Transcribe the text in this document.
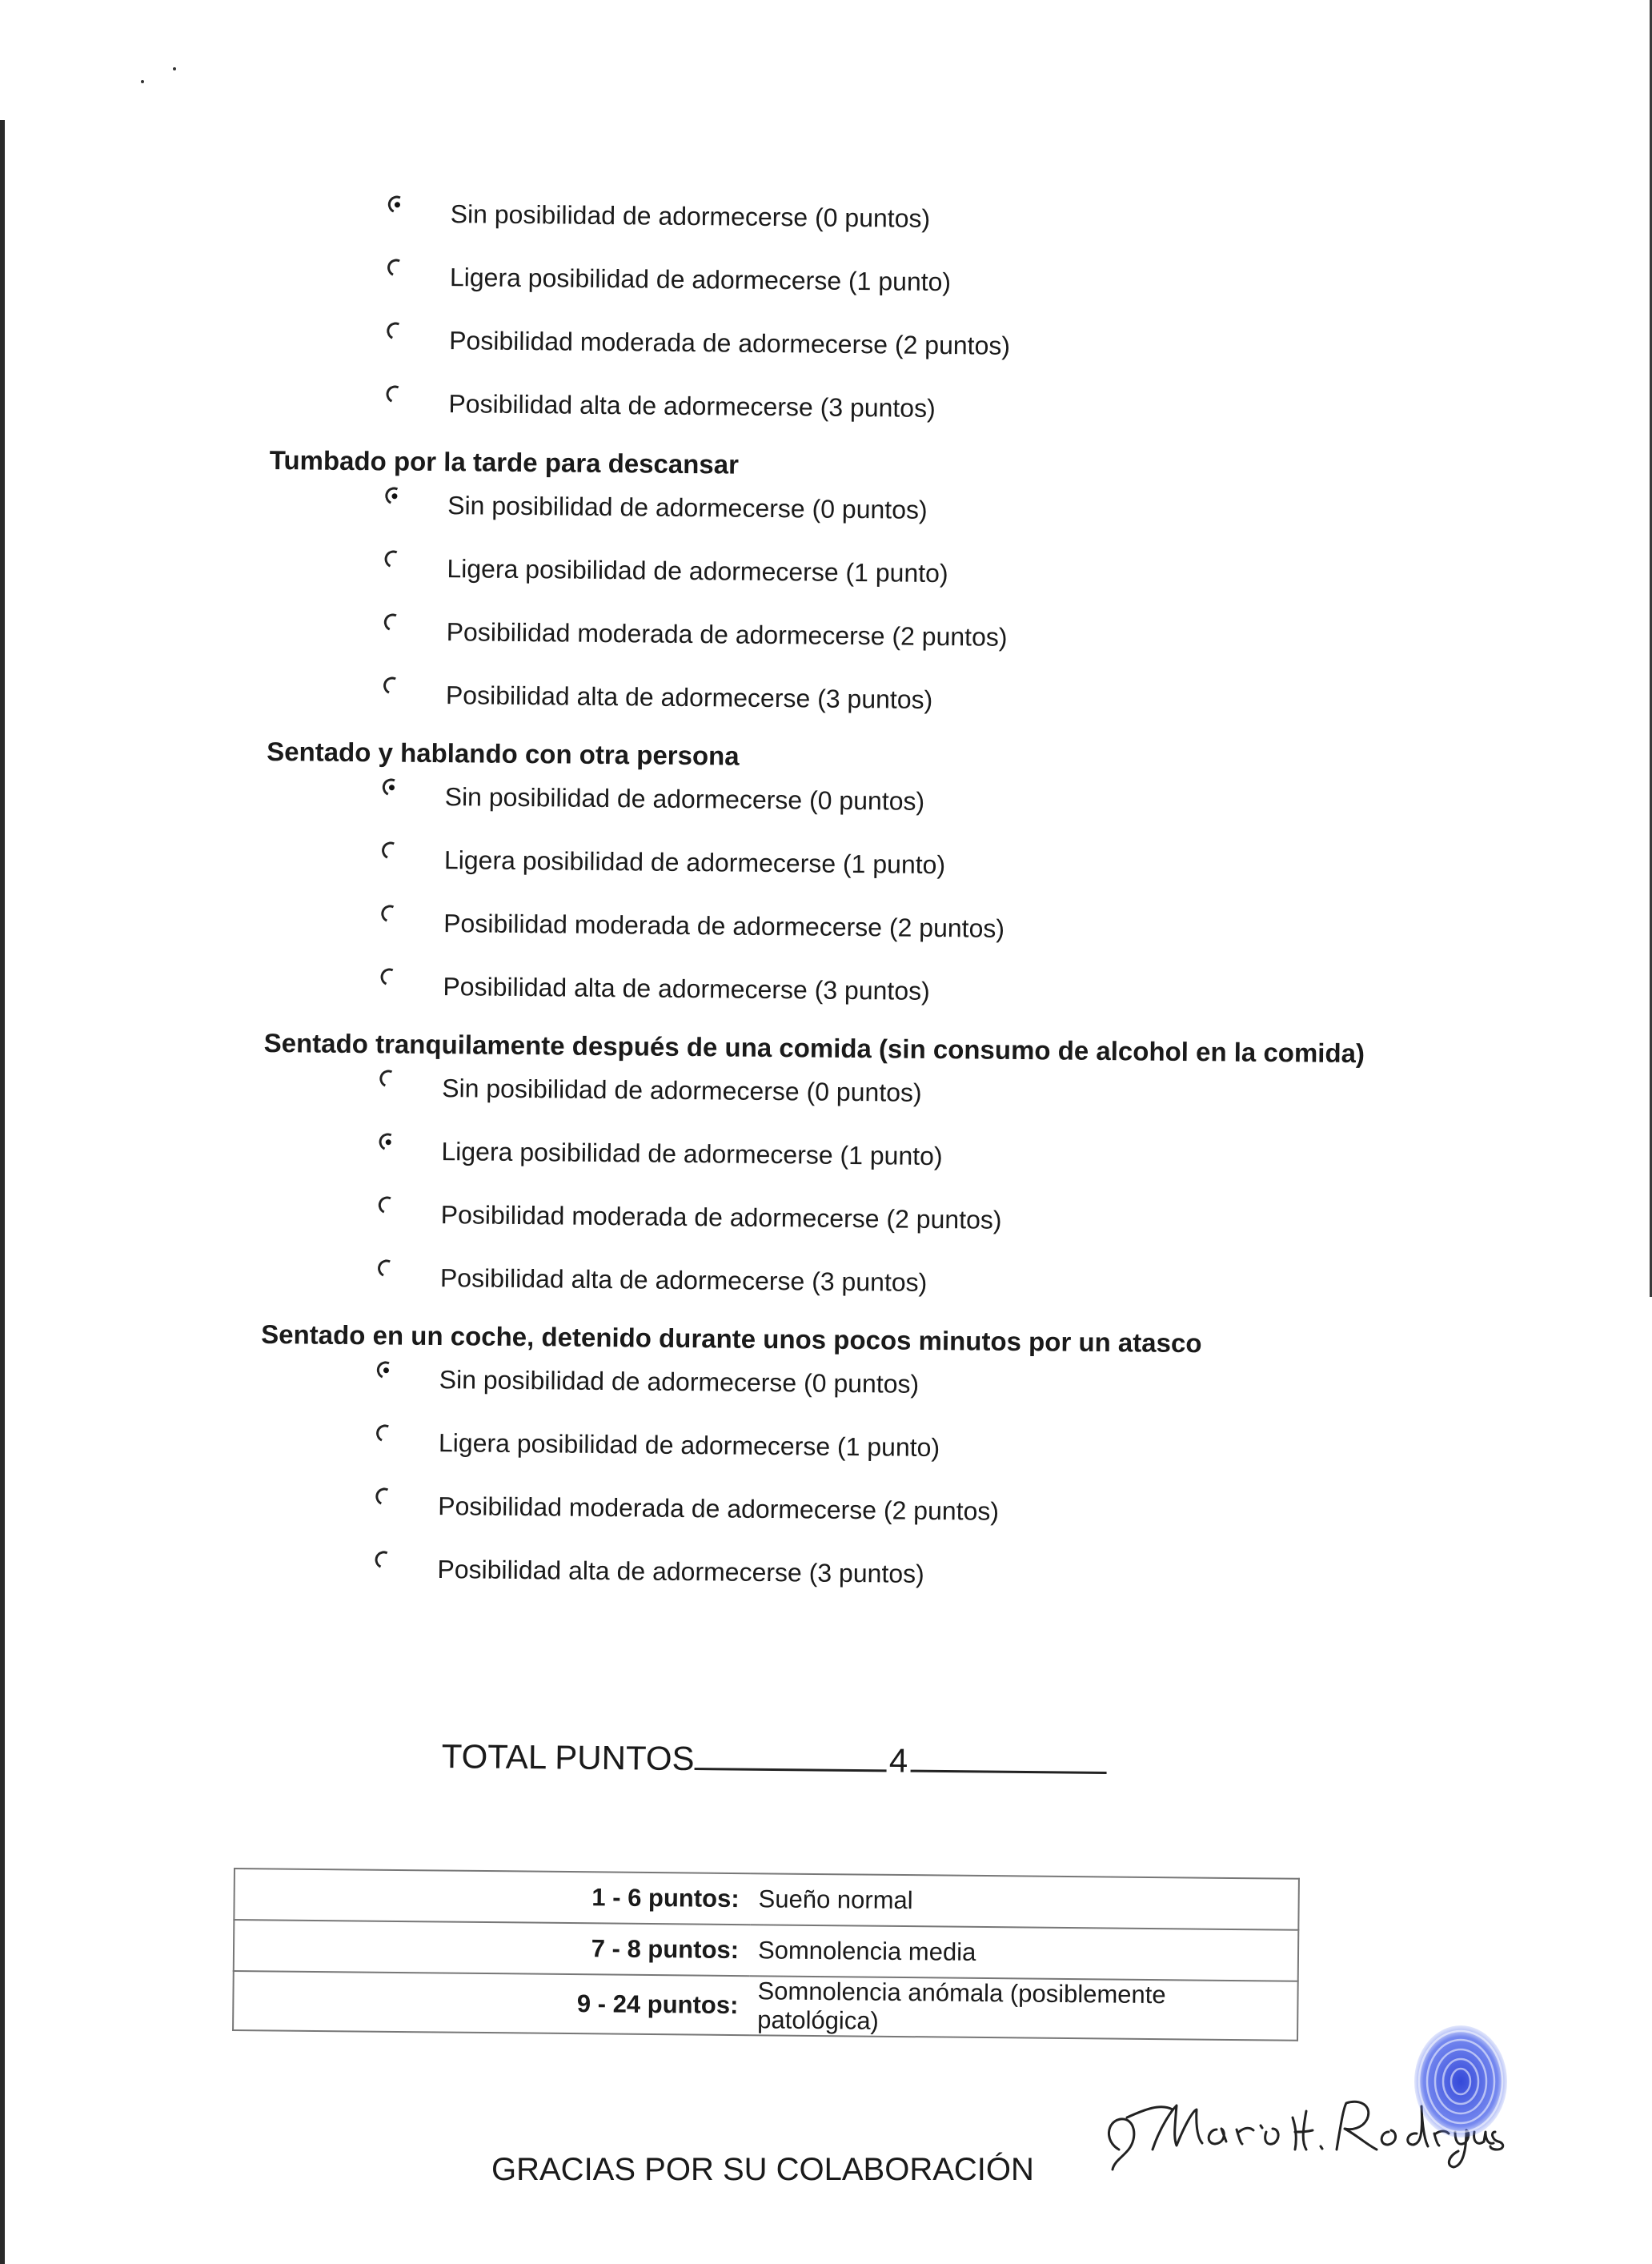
Sin posibilidad de adormecerse (0 puntos)
Ligera posibilidad de adormecerse (1 punto)
Posibilidad moderada de adormecerse (2 puntos)
Posibilidad alta de adormecerse (3 puntos)
Tumbado por la tarde para descansar
Sin posibilidad de adormecerse (0 puntos)
Ligera posibilidad de adormecerse (1 punto)
Posibilidad moderada de adormecerse (2 puntos)
Posibilidad alta de adormecerse (3 puntos)
Sentado y hablando con otra persona
Sin posibilidad de adormecerse (0 puntos)
Ligera posibilidad de adormecerse (1 punto)
Posibilidad moderada de adormecerse (2 puntos)
Posibilidad alta de adormecerse (3 puntos)
Sentado tranquilamente después de una comida (sin consumo de alcohol en la comida)
Sin posibilidad de adormecerse (0 puntos)
Ligera posibilidad de adormecerse (1 punto)
Posibilidad moderada de adormecerse (2 puntos)
Posibilidad alta de adormecerse (3 puntos)
Sentado en un coche, detenido durante unos pocos minutos por un atasco
Sin posibilidad de adormecerse (0 puntos)
Ligera posibilidad de adormecerse (1 punto)
Posibilidad moderada de adormecerse (2 puntos)
Posibilidad alta de adormecerse (3 puntos)
TOTAL PUNTOS	4
1 - 6 puntos:	Sueño normal
7 - 8 puntos:	Somnolencia media
9 - 24 puntos:	Somnolencia anómala (posiblemente patológica)
GRACIAS POR SU COLABORACIÓN	Mario M. Rodrigues
